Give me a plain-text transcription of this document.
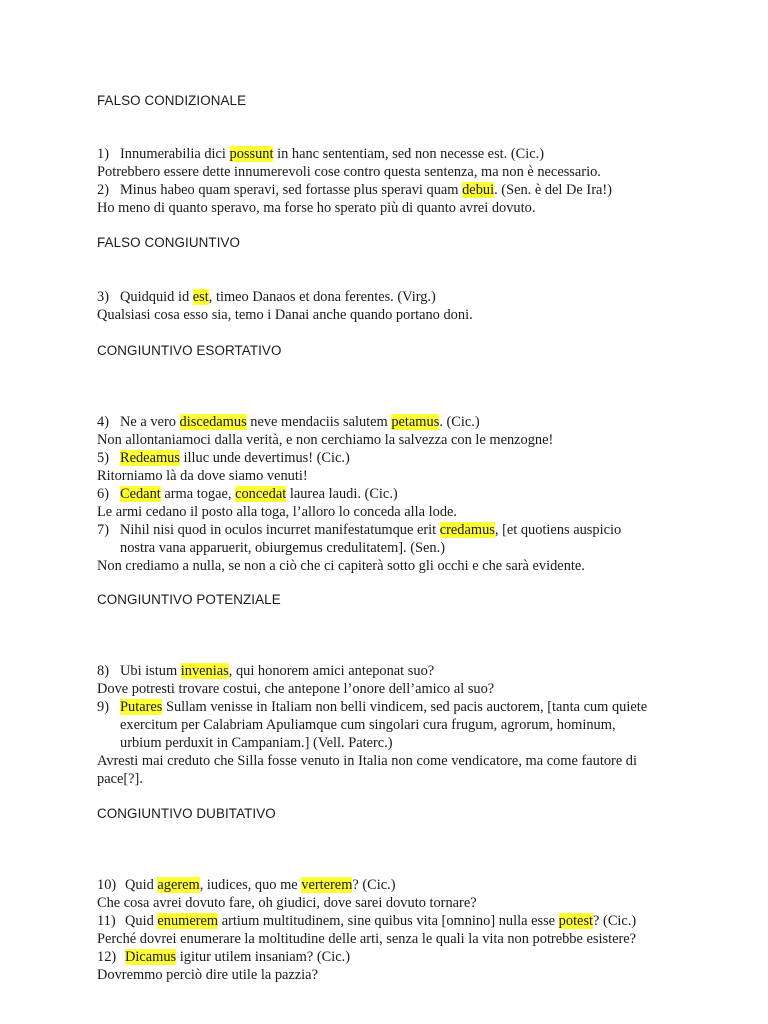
FALSO CONDIZIONALE
1) Innumerabilia dici possunt in hanc sententiam, sed non necesse est. (Cic.)
Potrebbero essere dette innumerevoli cose contro questa sentenza, ma non è necessario.
2) Minus habeo quam speravi, sed fortasse plus speravi quam debui. (Sen. è del De Ira!)
Ho meno di quanto speravo, ma forse ho sperato più di quanto avrei dovuto.
FALSO CONGIUNTIVO
3) Quidquid id est, timeo Danaos et dona ferentes. (Virg.)
Qualsiasi cosa esso sia, temo i Danai anche quando portano doni.
CONGIUNTIVO ESORTATIVO
4) Ne a vero discedamus neve mendaciis salutem petamus. (Cic.)
Non allontaniamoci dalla verità, e non cerchiamo la salvezza con le menzogne!
5) Redeamus illuc unde devertimus! (Cic.)
Ritorniamo là da dove siamo venuti!
6) Cedant arma togae, concedat laurea laudi. (Cic.)
Le armi cedano il posto alla toga, l’alloro lo conceda alla lode.
7) Nihil nisi quod in oculos incurret manifestatumque erit credamus, [et quotiens auspicio
nostra vana apparuerit, obiurgemus credulitatem]. (Sen.)
Non crediamo a nulla, se non a ciò che ci capiterà sotto gli occhi e che sarà evidente.
CONGIUNTIVO POTENZIALE
8) Ubi istum invenias, qui honorem amici anteponat suo?
Dove potresti trovare costui, che antepone l’onore dell’amico al suo?
9) Putares Sullam venisse in Italiam non belli vindicem, sed pacis auctorem, [tanta cum quiete
exercitum per Calabriam Apuliamque cum singolari cura frugum, agrorum, hominum,
urbium perduxit in Campaniam.] (Vell. Paterc.)
Avresti mai creduto che Silla fosse venuto in Italia non come vendicatore, ma come fautore di
pace[?].
CONGIUNTIVO DUBITATIVO
10) Quid agerem, iudices, quo me verterem? (Cic.)
Che cosa avrei dovuto fare, oh giudici, dove sarei dovuto tornare?
11) Quid enumerem artium multitudinem, sine quibus vita [omnino] nulla esse potest? (Cic.)
Perché dovrei enumerare la moltitudine delle arti, senza le quali la vita non potrebbe esistere?
12) Dicamus igitur utilem insaniam? (Cic.)
Dovremmo perciò dire utile la pazzia?
